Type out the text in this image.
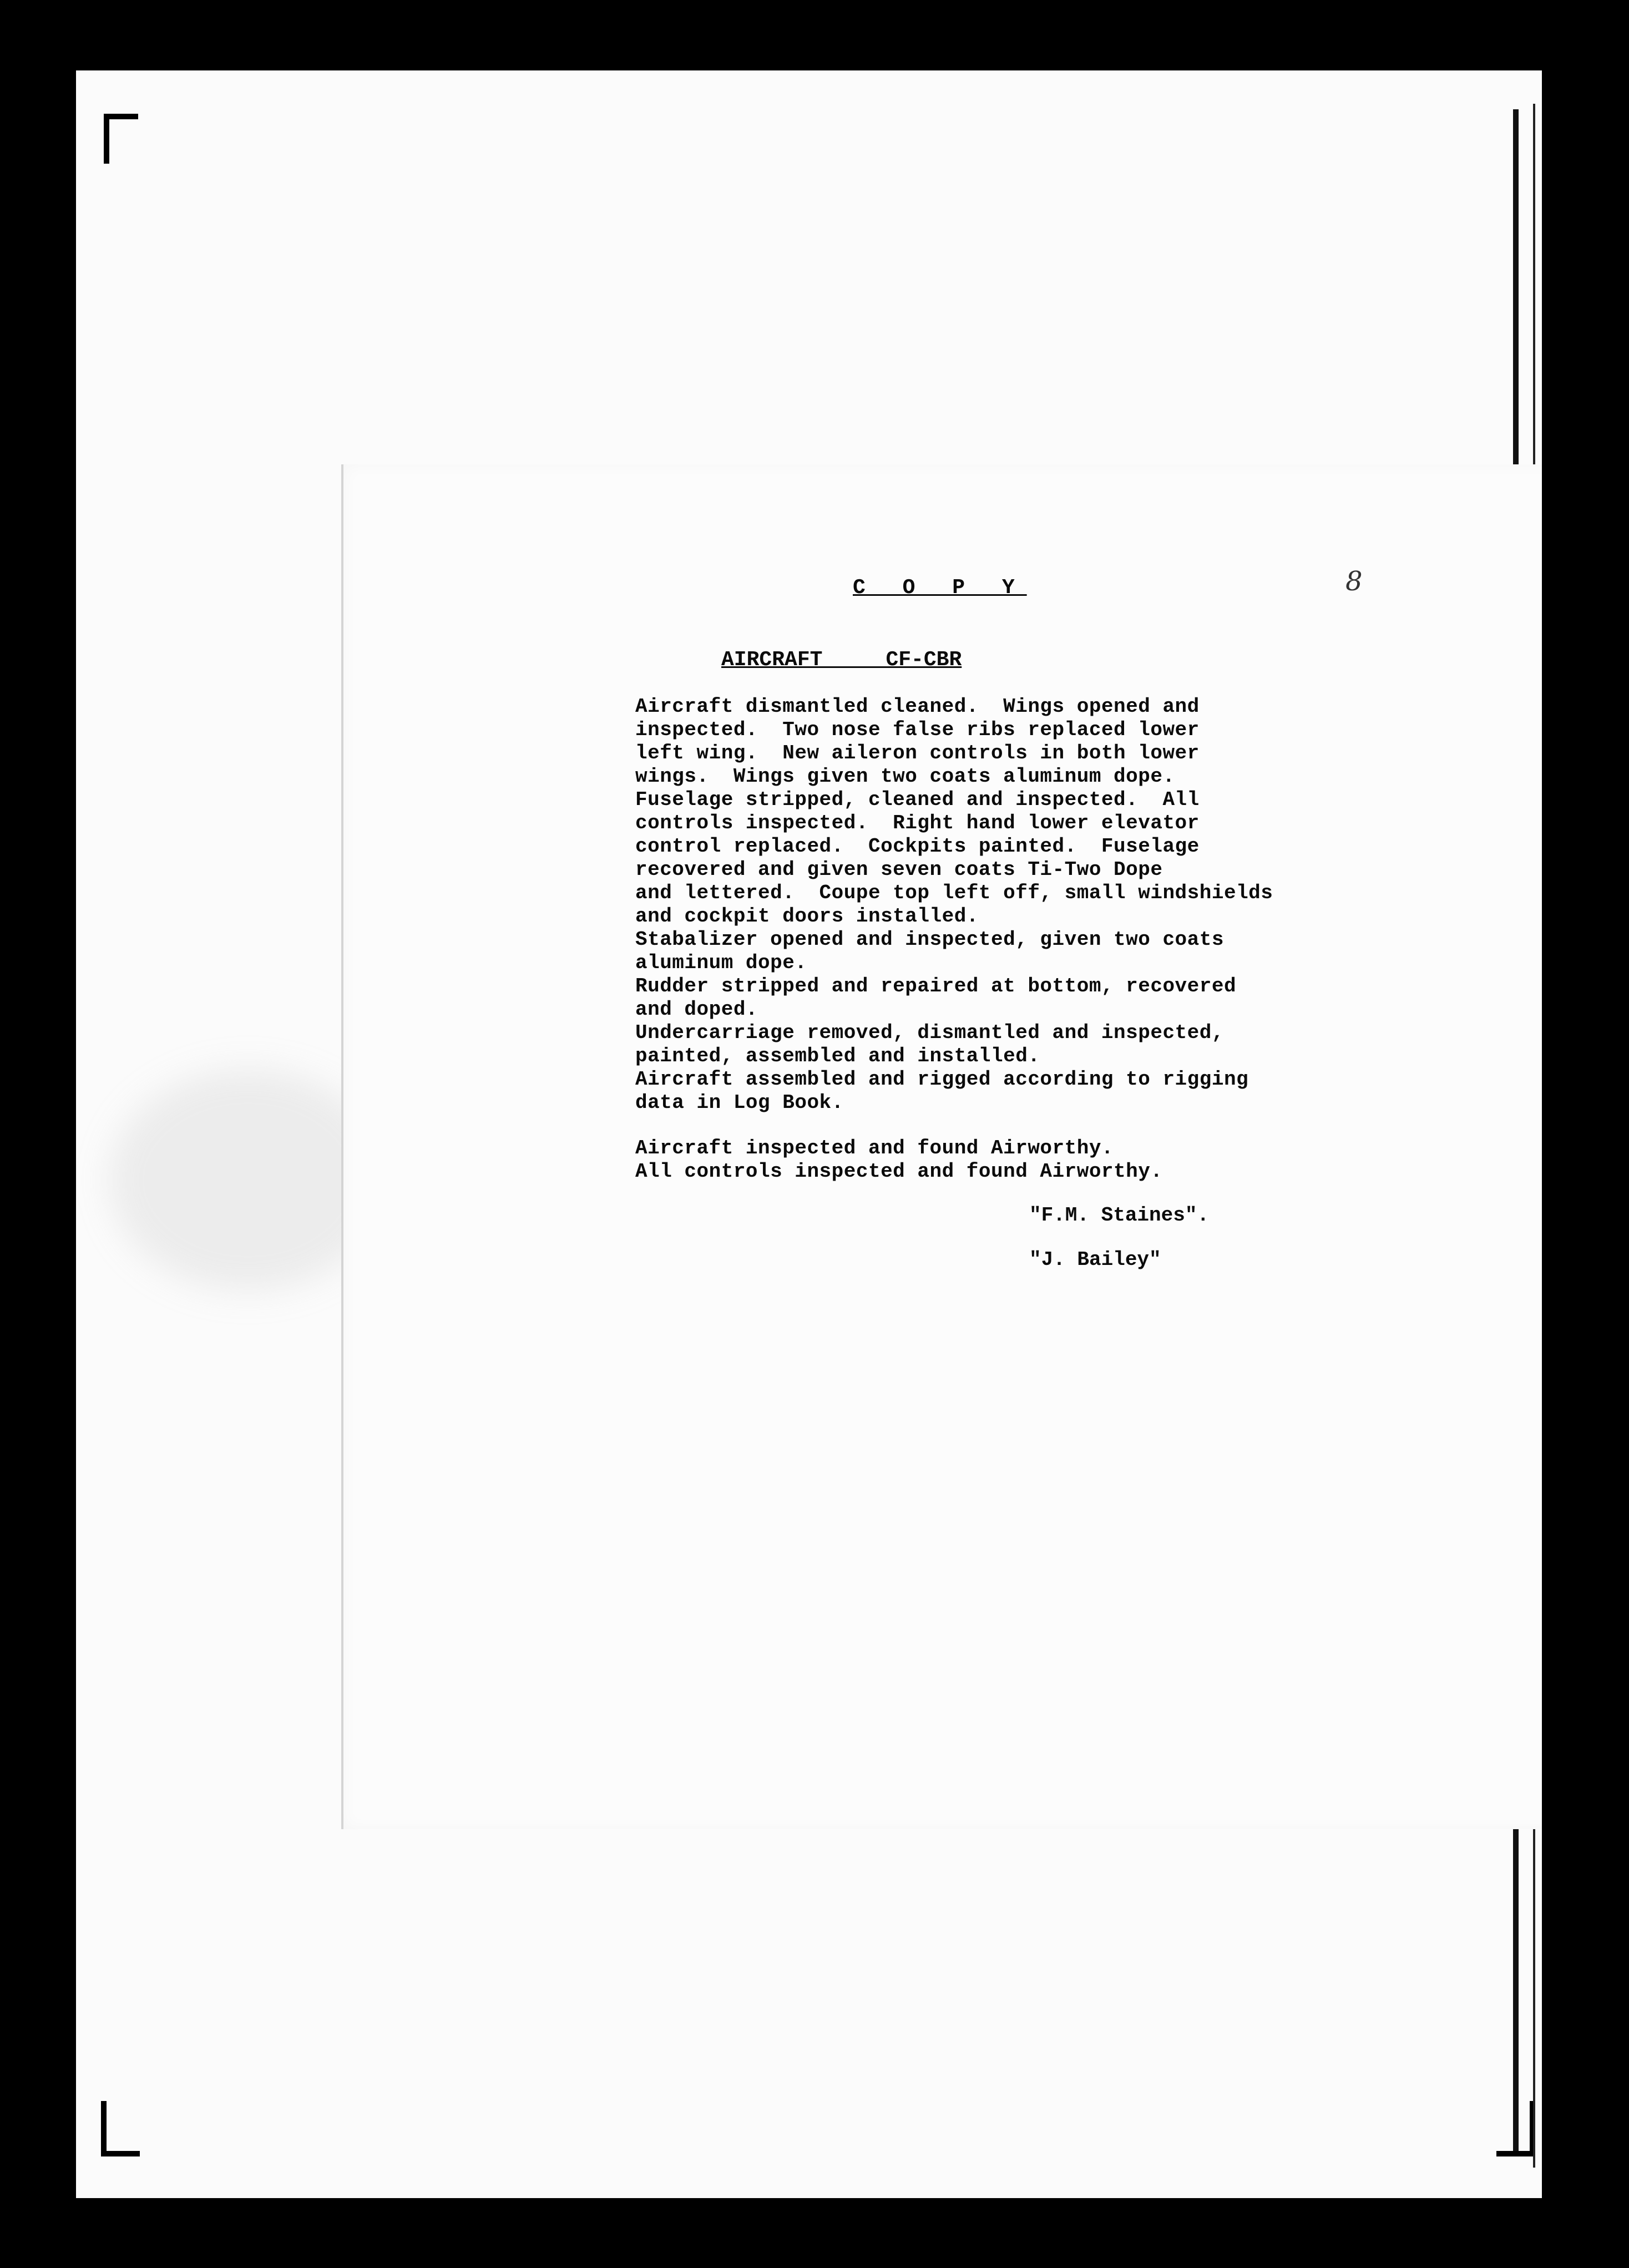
C O P Y	8
AIRCRAFT     CF-CBR

Aircraft dismantled cleaned.  Wings opened and

inspected.  Two nose false ribs replaced lower

left wing.  New aileron controls in both lower

wings.  Wings given two coats aluminum dope.

Fuselage stripped, cleaned and inspected.  All

controls inspected.  Right hand lower elevator

control replaced.  Cockpits painted.  Fuselage

recovered and given seven coats Ti-Two Dope

and lettered.  Coupe top left off, small windshields

and cockpit doors installed.

Stabalizer opened and inspected, given two coats

aluminum dope.

Rudder stripped and repaired at bottom, recovered

and doped.

Undercarriage removed, dismantled and inspected,

painted, assembled and installed.

Aircraft assembled and rigged according to rigging

data in Log Book.

Aircraft inspected and found Airworthy.

All controls inspected and found Airworthy.

"F.M. Staines".
"J. Bailey"
